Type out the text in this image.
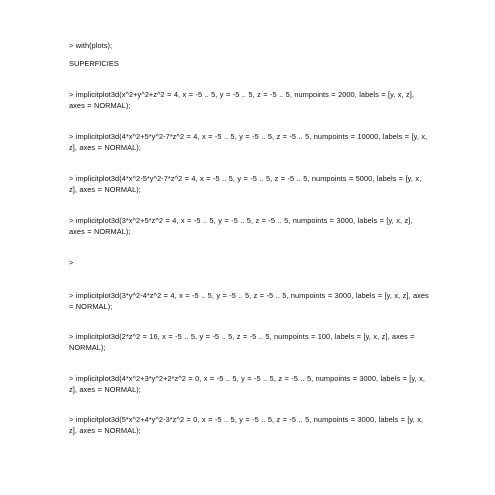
> with(plots);
SUPERFICIES
> implicitplot3d(x^2+y^2+z^2 = 4, x = -5 .. 5, y = -5 .. 5, z = -5 .. 5, numpoints = 2000, labels = [y, x, z], axes = NORMAL);
> implicitplot3d(4*x^2+5*y^2-7*z^2 = 4, x = -5 .. 5, y = -5 .. 5, z = -5 .. 5, numpoints = 10000, labels = [y, x, z], axes = NORMAL);
> implicitplot3d(4*x^2-5*y^2-7*z^2 = 4, x = -5 .. 5, y = -5 .. 5, z = -5 .. 5, numpoints = 5000, labels = [y, x, z], axes = NORMAL);
> implicitplot3d(3*x^2+5*z^2 = 4, x = -5 .. 5, y = -5 .. 5, z = -5 .. 5, numpoints = 3000, labels = [y, x, z], axes = NORMAL);
>
> implicitplot3d(3*y^2-4*z^2 = 4, x = -5 .. 5, y = -5 .. 5, z = -5 .. 5, numpoints = 3000, labels = [y, x, z], axes = NORMAL);
> implicitplot3d(2*z^2 = 16, x = -5 .. 5, y = -5 .. 5, z = -5 .. 5, numpoints = 100, labels = [y, x, z], axes = NORMAL);
> implicitplot3d(4*x^2+3*y^2+2*z^2 = 0, x = -5 .. 5, y = -5 .. 5, z = -5 .. 5, numpoints = 3000, labels = [y, x, z], axes = NORMAL);
> implicitplot3d(5*x^2+4*y^2-3*z^2 = 0, x = -5 .. 5, y = -5 .. 5, z = -5 .. 5, numpoints = 3000, labels = [y, x, z], axes = NORMAL);
